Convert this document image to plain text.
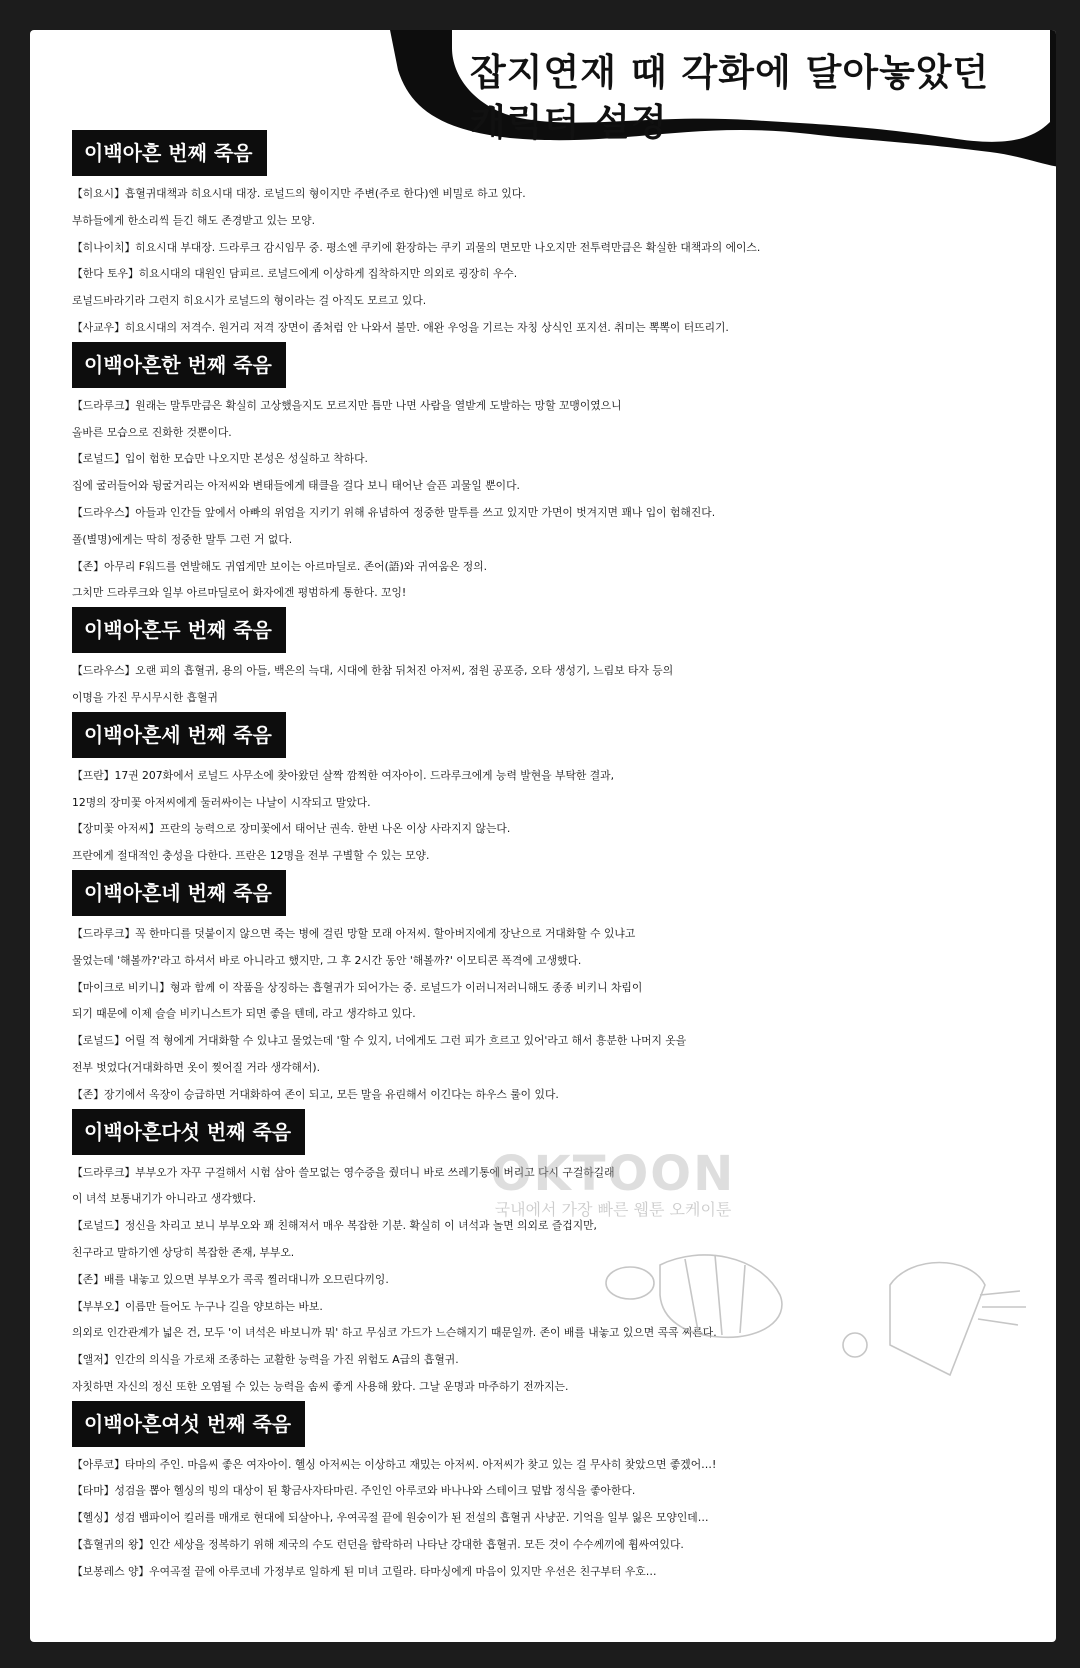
잡지연재 때 각화에 달아놓았던
캐릭터 설정
이백아흔 번째 죽음

【히요시】흡혈귀대책과 히요시대 대장. 로널드의 형이지만 주변(주로 한다)엔 비밀로 하고 있다.

부하들에게 한소리씩 듣긴 해도 존경받고 있는 모양.

【히나이치】히요시대 부대장. 드라루크 감시임무 중. 평소엔 쿠키에 환장하는 쿠키 괴물의 면모만 나오지만 전투력만큼은 확실한 대책과의 에이스.

【한다 토우】히요시대의 대원인 담피르. 로널드에게 이상하게 집착하지만 의외로 굉장히 우수.

로널드바라기라 그런지 히요시가 로널드의 형이라는 걸 아직도 모르고 있다.

【사교우】히요시대의 저격수. 원거리 저격 장면이 좀처럼 안 나와서 불만. 애완 우엉을 기르는 자칭 상식인 포지션. 취미는 뽁뽁이 터뜨리기.

이백아흔한 번째 죽음

【드라루크】원래는 말투만큼은 확실히 고상했을지도 모르지만 틈만 나면 사람을 열받게 도발하는 망할 꼬맹이였으니

올바른 모습으로 진화한 것뿐이다.

【로널드】입이 험한 모습만 나오지만 본성은 성실하고 착하다.

집에 굴러들어와 뒹굴거리는 아저씨와 변태들에게 태클을 걸다 보니 태어난 슬픈 괴물일 뿐이다.

【드라우스】아들과 인간들 앞에서 아빠의 위엄을 지키기 위해 유념하여 정중한 말투를 쓰고 있지만 가면이 벗겨지면 꽤나 입이 험해진다.

폴(별명)에게는 딱히 정중한 말투 그런 거 없다.

【존】아무리 F워드를 연발해도 귀엽게만 보이는 아르마딜로. 존어(語)와 귀여움은 정의.

그치만 드라루크와 일부 아르마딜로어 화자에겐 평범하게 통한다. 꼬잉!

이백아흔두 번째 죽음

【드라우스】오랜 피의 흡혈귀, 용의 아들, 백은의 늑대, 시대에 한참 뒤처진 아저씨, 점원 공포증, 오타 생성기, 느림보 타자 등의

이명을 가진 무시무시한 흡혈귀

이백아흔세 번째 죽음

【프란】17권 207화에서 로널드 사무소에 찾아왔던 살짝 깜찍한 여자아이. 드라루크에게 능력 발현을 부탁한 결과,

12명의 장미꽃 아저씨에게 둘러싸이는 나날이 시작되고 말았다.

【장미꽃 아저씨】프란의 능력으로 장미꽃에서 태어난 권속. 한번 나온 이상 사라지지 않는다.

프란에게 절대적인 충성을 다한다. 프란은 12명을 전부 구별할 수 있는 모양.

이백아흔네 번째 죽음

【드라루크】꼭 한마디를 덧붙이지 않으면 죽는 병에 걸린 망할 모래 아저씨. 할아버지에게 장난으로 거대화할 수 있냐고

물었는데 '해볼까?'라고 하셔서 바로 아니라고 했지만, 그 후 2시간 동안 '해볼까?' 이모티콘 폭격에 고생했다.

【마이크로 비키니】형과 함께 이 작품을 상징하는 흡혈귀가 되어가는 중. 로널드가 이러니저러니해도 종종 비키니 차림이

되기 때문에 이제 슬슬 비키니스트가 되면 좋을 텐데, 라고 생각하고 있다.

【로널드】어릴 적 형에게 거대화할 수 있냐고 물었는데 '할 수 있지, 너에게도 그런 피가 흐르고 있어'라고 해서 흥분한 나머지 옷을

전부 벗었다(거대화하면 옷이 찢어질 거라 생각해서).

【존】장기에서 옥장이 승급하면 거대화하여 존이 되고, 모든 말을 유린해서 이긴다는 하우스 룰이 있다.

이백아흔다섯 번째 죽음

【드라루크】부부오가 자꾸 구걸해서 시험 삼아 쓸모없는 영수증을 줬더니 바로 쓰레기통에 버리고 다시 구걸하길래

이 녀석 보통내기가 아니라고 생각했다.

【로널드】정신을 차리고 보니 부부오와 꽤 친해져서 매우 복잡한 기분. 확실히 이 녀석과 놀면 의외로 즐겁지만,

친구라고 말하기엔 상당히 복잡한 존재, 부부오.

【존】배를 내놓고 있으면 부부오가 콕콕 찔러대니까 오므린다끼잉.

【부부오】이름만 들어도 누구나 길을 양보하는 바보.

의외로 인간관계가 넓은 건, 모두 '이 녀석은 바보니까 뭐' 하고 무심코 가드가 느슨해지기 때문일까. 존이 배를 내놓고 있으면 콕콕 찌른다.

【앨저】인간의 의식을 가로채 조종하는 교활한 능력을 가진 위험도 A급의 흡혈귀.

자칫하면 자신의 정신 또한 오염될 수 있는 능력을 솜씨 좋게 사용해 왔다. 그날 운명과 마주하기 전까지는.

이백아흔여섯 번째 죽음

【아루코】타마의 주인. 마음씨 좋은 여자아이. 헬싱 아저씨는 이상하고 재밌는 아저씨. 아저씨가 찾고 있는 걸 무사히 찾았으면 좋겠어…!

【타마】성검을 뽑아 헬싱의 빙의 대상이 된 황금사자타마린. 주인인 아루코와 바나나와 스테이크 덮밥 정식을 좋아한다.

【헬싱】성검 뱀파이어 킬러를 매개로 현대에 되살아나, 우여곡절 끝에 원숭이가 된 전설의 흡혈귀 사냥꾼. 기억을 일부 잃은 모양인데…

【흡혈귀의 왕】인간 세상을 정복하기 위해 제국의 수도 런던을 함락하러 나타난 강대한 흡혈귀. 모든 것이 수수께끼에 휩싸여있다.

【보봉레스 양】우여곡절 끝에 아루코네 가정부로 일하게 된 미녀 고릴라. 타마싱에게 마음이 있지만 우선은 친구부터 우호…

OKTOON
국내에서 가장 빠른 웹툰 오케이툰
